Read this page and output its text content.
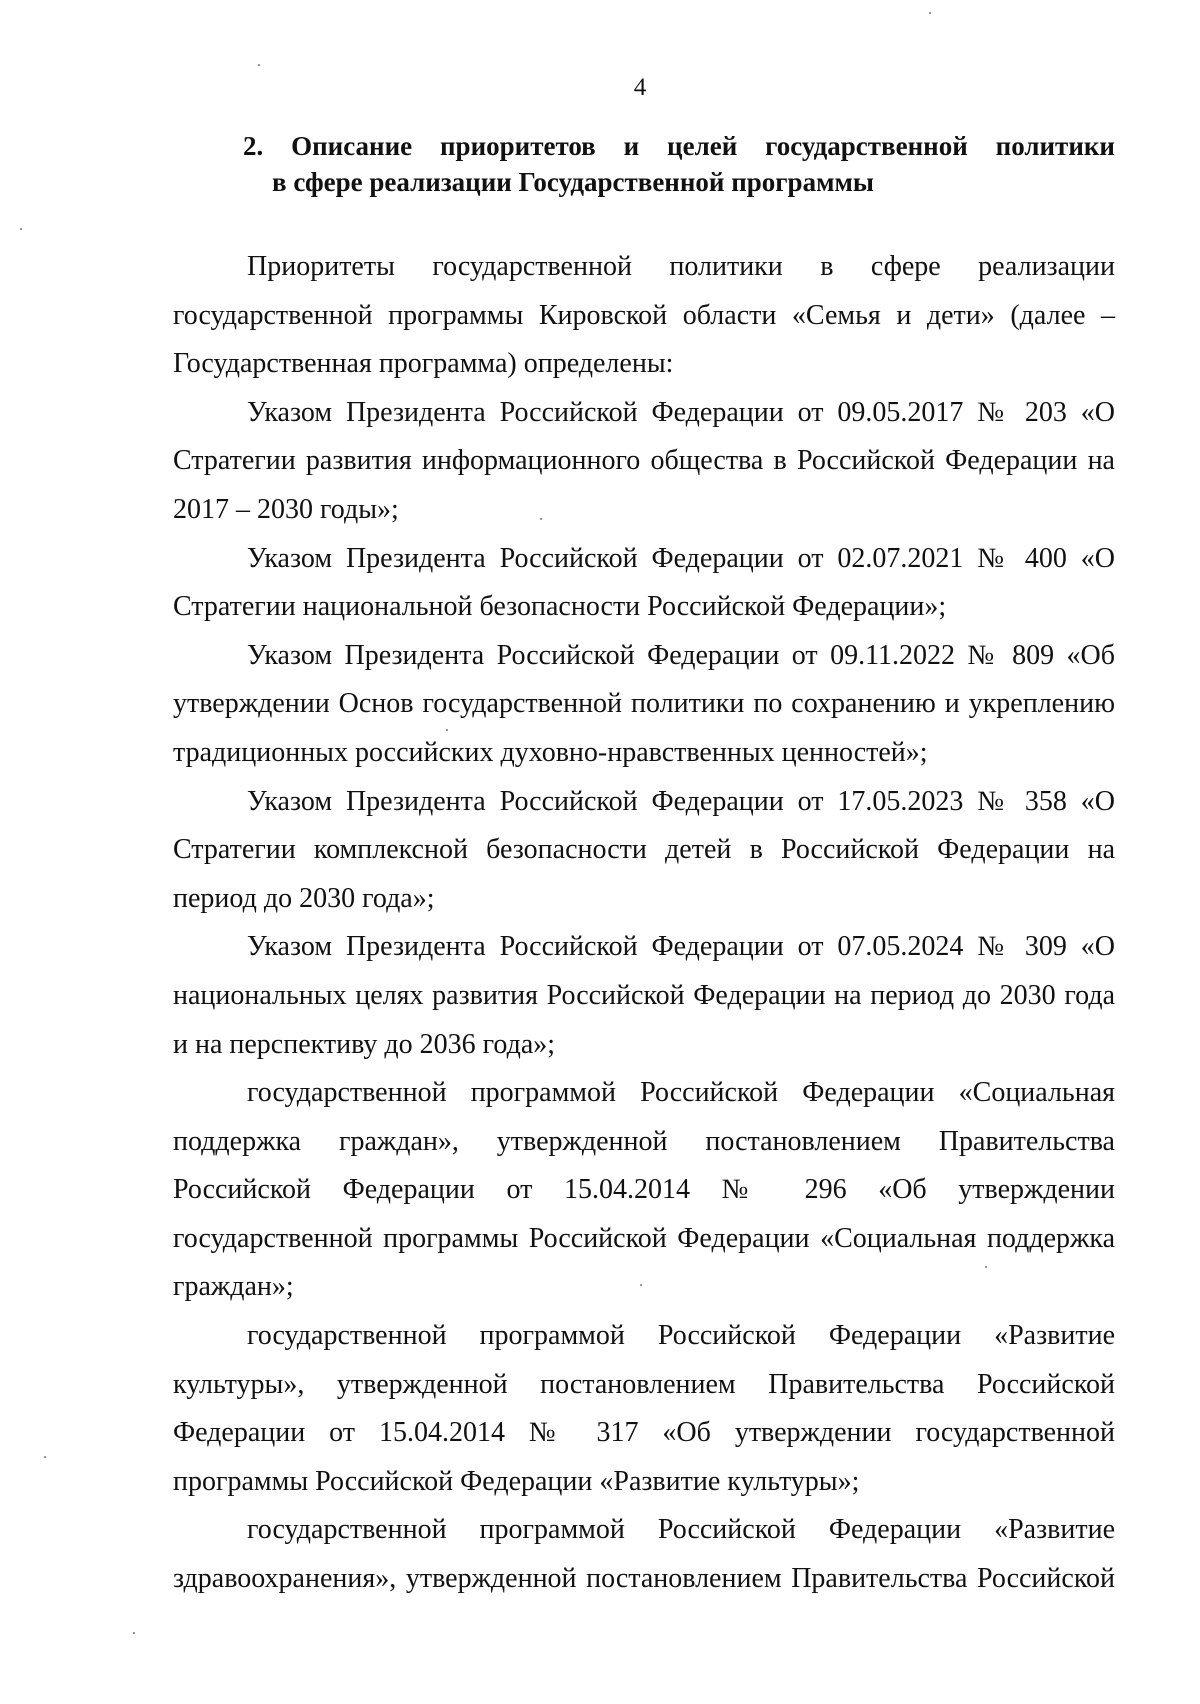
4
2. Описание приоритетов и целей государственной политики
в сфере реализации Государственной программы

Приоритеты государственной политики в сфере реализации государственной программы Кировской области «Семья и дети» (далее – Государственная программа) определены:

Указом Президента Российской Федерации от 09.05.2017 № 203 «О Стратегии развития информационного общества в Российской Федерации на 2017 – 2030 годы»;

Указом Президента Российской Федерации от 02.07.2021 № 400 «О Стратегии национальной безопасности Российской Федерации»;

Указом Президента Российской Федерации от 09.11.2022 № 809 «Об утверждении Основ государственной политики по сохранению и укреплению традиционных российских духовно-нравственных ценностей»;

Указом Президента Российской Федерации от 17.05.2023 № 358 «О Стратегии комплексной безопасности детей в Российской Федерации на период до 2030 года»;

Указом Президента Российской Федерации от 07.05.2024 № 309 «О национальных целях развития Российской Федерации на период до 2030 года и на перспективу до 2036 года»;

государственной программой Российской Федерации «Социальная поддержка граждан», утвержденной постановлением Правительства Российской Федерации от 15.04.2014 № 296 «Об утверждении государственной программы Российской Федерации «Социальная поддержка граждан»;

государственной программой Российской Федерации «Развитие культуры», утвержденной постановлением Правительства Российской Федерации от 15.04.2014 № 317 «Об утверждении государственной программы Российской Федерации «Развитие культуры»;

государственной программой Российской Федерации «Развитие здравоохранения», утвержденной постановлением Правительства Российской
